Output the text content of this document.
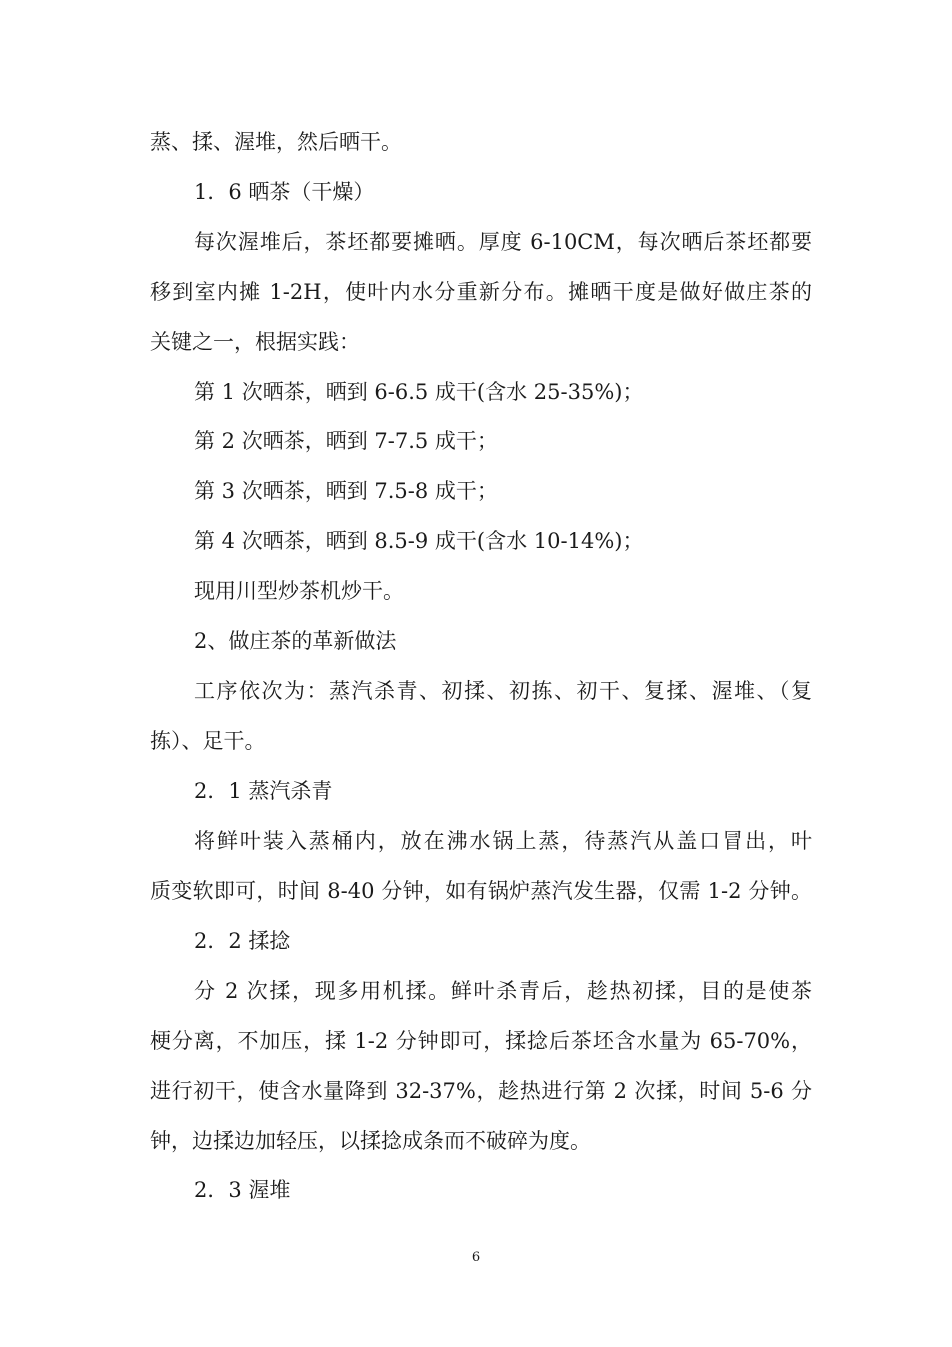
蒸、揉、渥堆，然后晒干。
1．6 晒茶（干燥）
每次渥堆后，茶坯都要摊晒。厚度 6-10CM，每次晒后茶坯都要
移到室内摊 1-2H，使叶内水分重新分布。摊晒干度是做好做庄茶的
关键之一，根据实践：
第 1 次晒茶，晒到 6-6.5 成干(含水 25-35%)；
第 2 次晒茶，晒到 7-7.5 成干；
第 3 次晒茶，晒到 7.5-8 成干；
第 4 次晒茶，晒到 8.5-9 成干(含水 10-14%)；
现用川型炒茶机炒干。
2、做庄茶的革新做法
工序依次为：蒸汽杀青、初揉、初拣、初干、复揉、渥堆、（复
拣）、足干。
2．1 蒸汽杀青
将鲜叶装入蒸桶内，放在沸水锅上蒸，待蒸汽从盖口冒出，叶
质变软即可，时间 8-40 分钟，如有锅炉蒸汽发生器，仅需 1-2 分钟。
2．2 揉捻
分 2 次揉，现多用机揉。鲜叶杀青后，趁热初揉，目的是使茶
梗分离，不加压，揉 1-2 分钟即可，揉捻后茶坯含水量为 65-70%，
进行初干，使含水量降到 32-37%，趁热进行第 2 次揉，时间 5-6 分
钟，边揉边加轻压，以揉捻成条而不破碎为度。
2．3 渥堆
6
